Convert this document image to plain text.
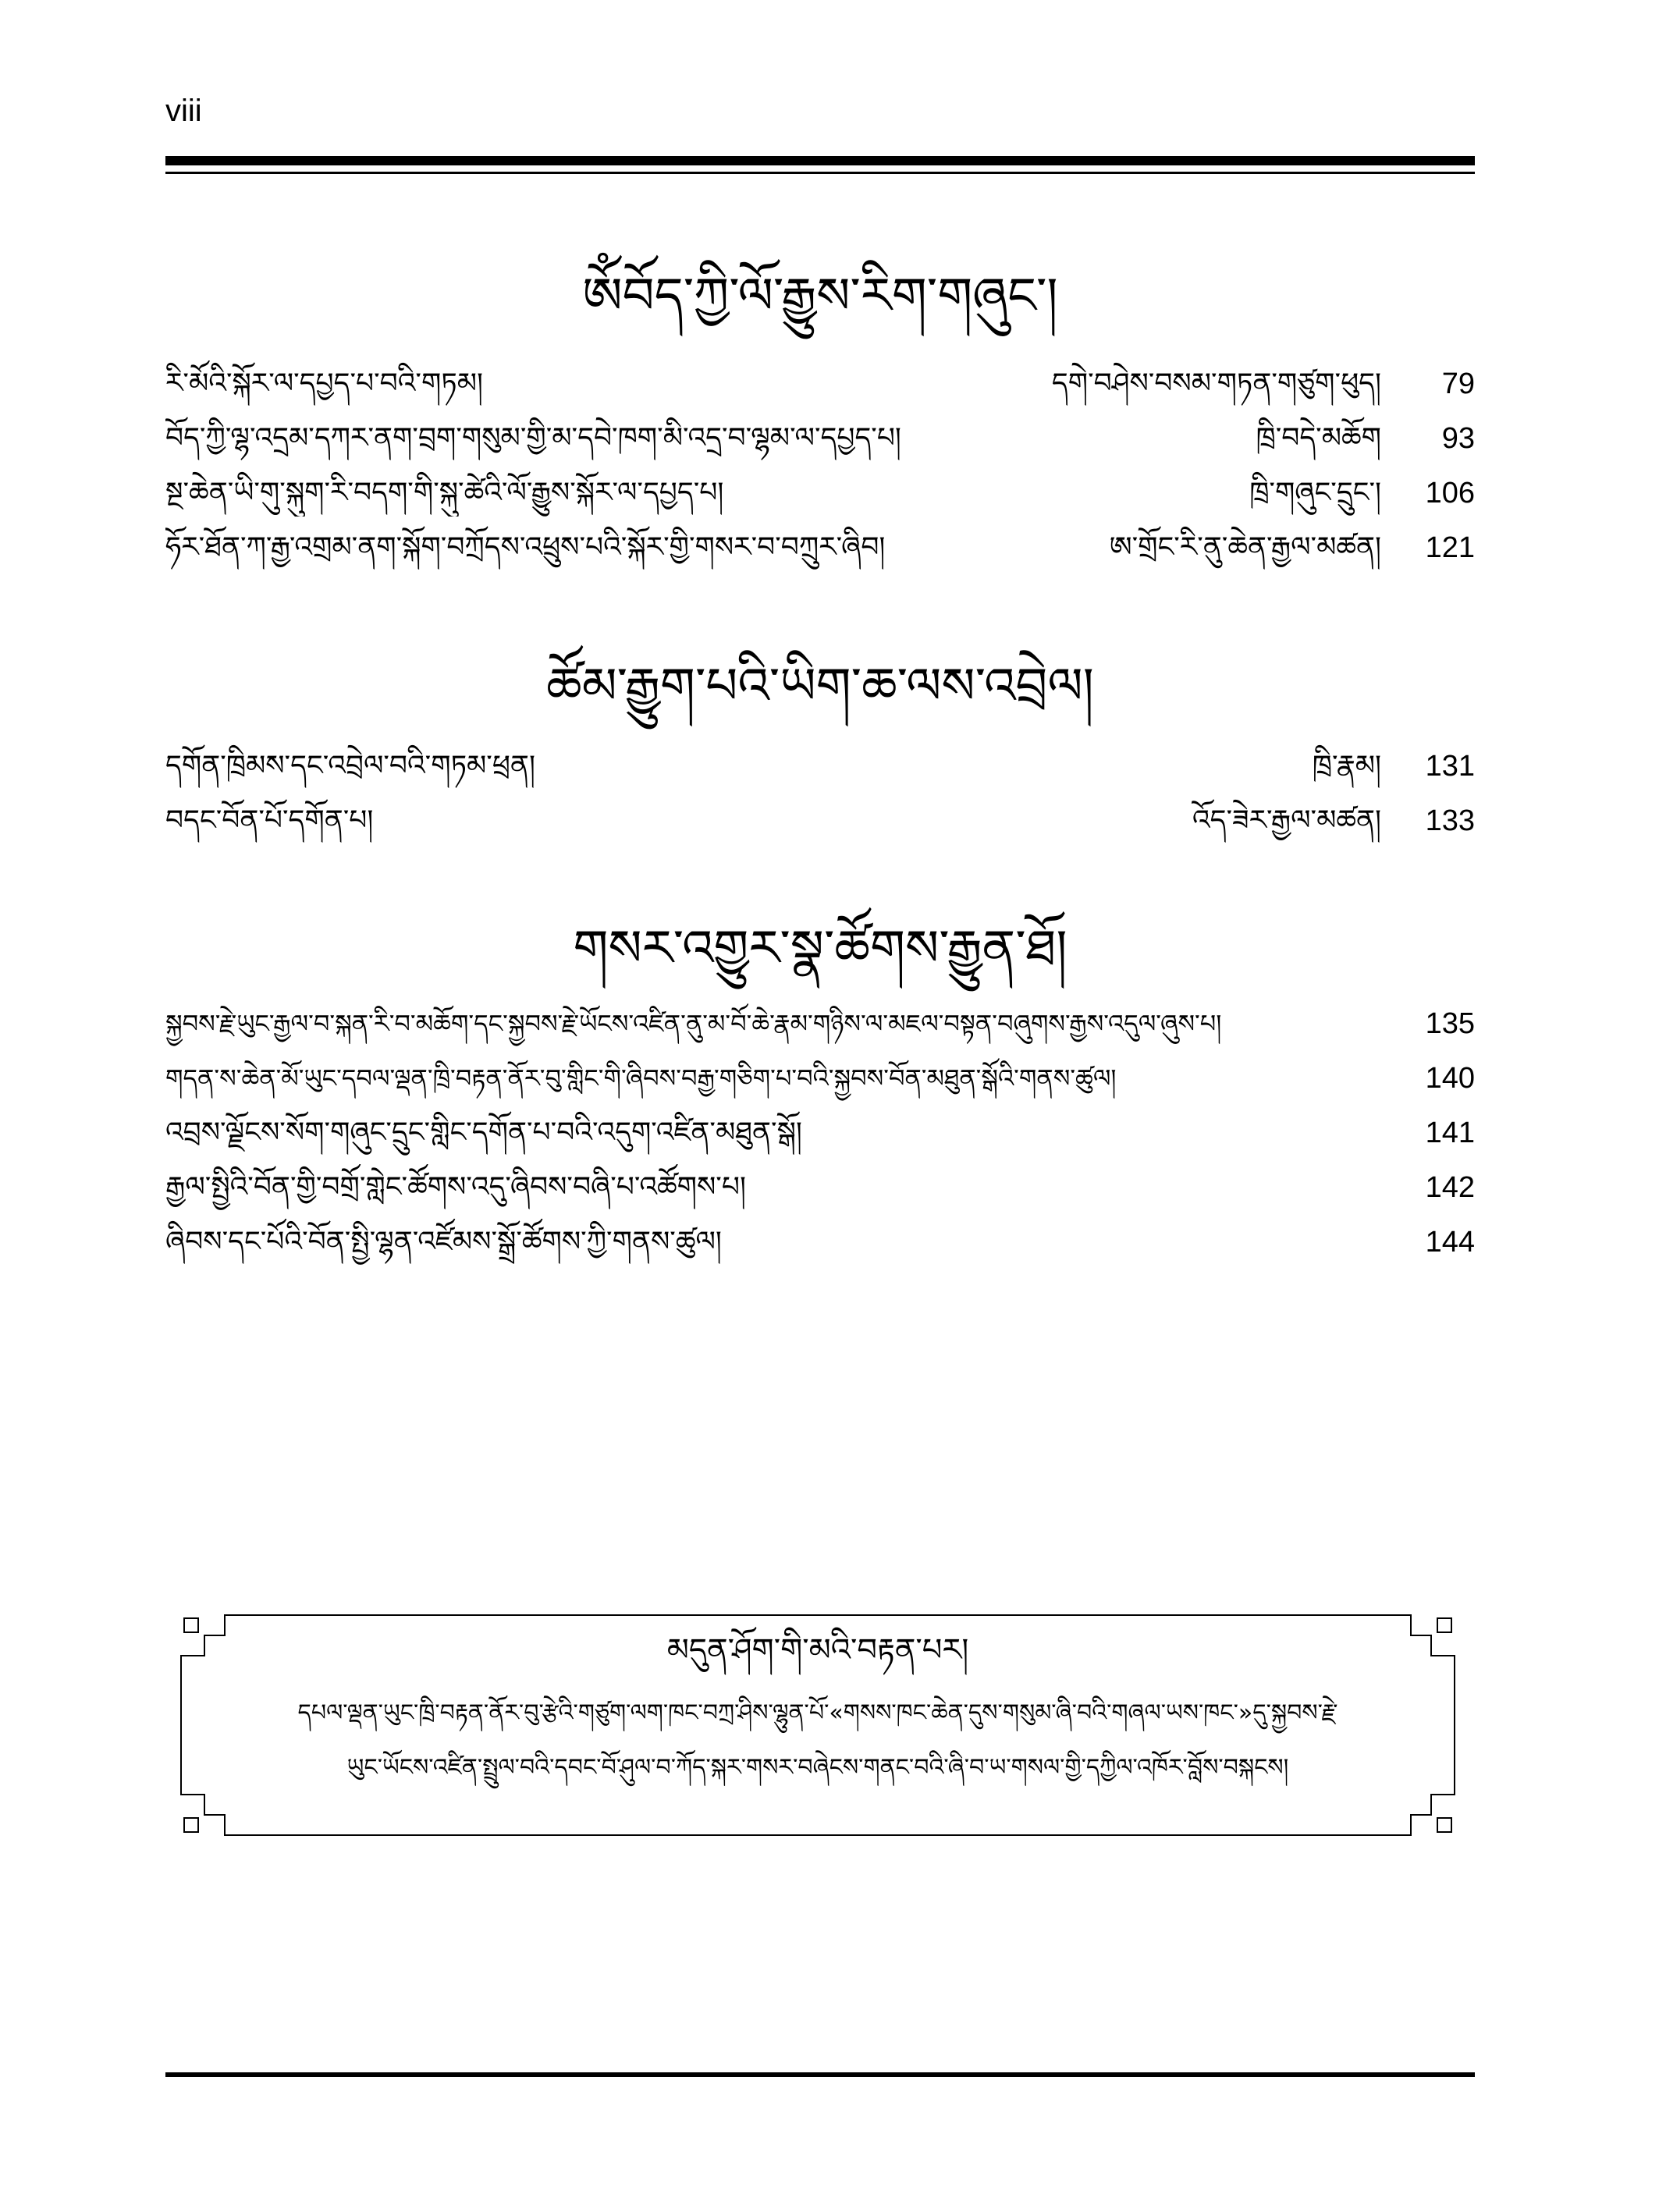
viii
ༀབོད་ཀྱི་ལོ་རྒྱུས་རིག་གཞུང་།
རི་མོའི་སྐོར་ལ་དཔྱད་པ་བའི་གཏམ།	དགེ་བཤེས་བསམ་གཏན་གཙུག་ཕུད།	79
བོད་ཀྱི་ལྷ་འདྲམ་དཀར་ནག་བྲག་གསུམ་གྱི་མ་དབེ་ཁག་མི་འདྲ་བ་ལྷམ་ལ་དཔྱད་པ།	ཁྲི་བདེ་མཆོག	93
སྔ་ཆེན་ཡི་གུ་སྐུག་རི་བདག་གི་སྐུ་ཚེའི་ལོ་རྒྱུས་སྐོར་ལ་དཔྱད་པ།	ཁྲི་གཞུང་དྲུང་།	106
ཧོར་ཐོན་ཀ་རྒྱ་འགྲམ་ནག་སྐོག་བཀྲོདས་འཕྲུས་པའི་སྐོར་གྱི་གསར་བ་བཀྲུར་ཞིབ།	ཨ་གྲོང་རི་ནུ་ཆེན་རྒྱལ་མཚན།	121
ཚོམ་རྒྱུག་པའི་ཡིག་ཆ་ལས་འབྲེལ།
དགོན་ཁྲིམས་དང་འབྲེལ་བའི་གཏམ་ཕྲན།	ཁྲི་རྣམ།	131
བདང་བོན་པོ་དགོན་པ།	འོད་ཟེར་རྒྱལ་མཚན།	133
གསར་འགྱུར་སྣ་ཚོགས་རྒྱུན་ཐོ།
སྐྱབས་རྗེ་ཡུང་རྒྱལ་བ་སྐན་རི་བ་མཆོག་དང་སྐྱབས་རྗེ་ཡོངས་འཛིན་ནུ་མ་བོ་ཆེ་རྣམ་གཉིས་ལ་མཇལ་བསྟན་བཞུགས་རྒྱས་འདུལ་ཞུས་པ།	135
གདན་ས་ཆེན་མོ་ཡུང་དབལ་ལྡན་ཁྲི་བརྟན་ནོར་བུ་གླིང་གི་ཞིབས་བརྒྱ་གཅིག་པ་བའི་སྐྱབས་བོན་མཐུན་སྒོའི་གནས་ཚུལ།	140
འབྲས་ལྗོངས་སོག་གཞུང་དྲུང་གླིང་དགོན་པ་བའི་འདུག་འཛིན་མཐུན་སྒོ།	141
རྒྱལ་སྤྱིའི་བོན་གྱི་བགྲོ་གླེང་ཚོགས་འདུ་ཞིབས་བཞི་པ་འཚོགས་པ།	142
ཞིབས་དང་པོའི་བོན་སྤྱི་ལྷན་འཛོམས་སྒྲོ་ཚོགས་ཀྱི་གནས་ཚུལ།	144
མདུན་ཤོག་གི་མའི་བརྟན་པར།
དཔལ་ལྡན་ཡུང་ཁྲི་བརྟན་ནོར་བུ་རྩེའི་གཙུག་ལག་ཁང་བཀྲ་ཤིས་ལྷུན་པོ་«གསས་ཁང་ཆེན་དུས་གསུམ་ཞི་བའི་གཞལ་ཡས་ཁང་»དུ་སྐྱབས་རྗེ་
ཡུང་ཡོངས་འཛིན་སྤྲུལ་བའི་དབང་བོ་ཤུལ་བ་ཀོད་སྐར་གསར་བཞེངས་གནང་བའི་ཞི་བ་ཡ་གསལ་གྱི་དཀྱིལ་འཁོར་བློས་བསྐངས།
